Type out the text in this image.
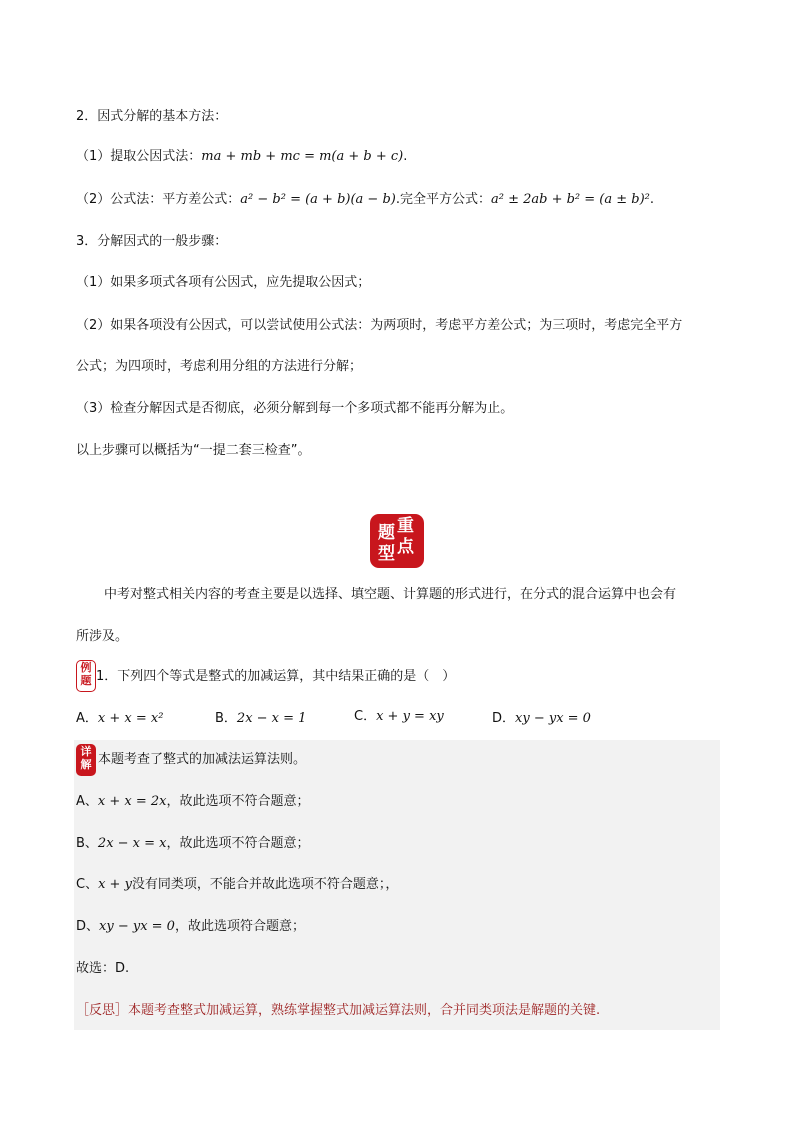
2．因式分解的基本方法：
（1）提取公因式法：ma + mb + mc = m(a + b + c).
（2）公式法：平方差公式：a² − b² = (a + b)(a − b).完全平方公式：a² ± 2ab + b² = (a ± b)².
3．分解因式的一般步骤：
（1）如果多项式各项有公因式，应先提取公因式；
（2）如果各项没有公因式，可以尝试使用公式法：为两项时，考虑平方差公式；为三项时，考虑完全平方
公式；为四项时，考虑利用分组的方法进行分解；
（3）检查分解因式是否彻底，必须分解到每一个多项式都不能再分解为止。
以上步骤可以概括为“一提二套三检查”。
重
点
题
型
中考对整式相关内容的考查主要是以选择、填空题、计算题的形式进行，在分式的混合运算中也会有
所涉及。
例
题 1．下列四个等式是整式的加减运算，其中结果正确的是（　）
A．x + x = x²	B．2x − x = 1	C．x + y = xy	D．xy − yx = 0
详
解 本题考查了整式的加减法运算法则。
A、x + x = 2x，故此选项不符合题意；
B、2x − x = x，故此选项不符合题意；
C、x + y没有同类项，不能合并故此选项不符合题意；，
D、xy − yx = 0，故此选项符合题意；
故选：D.
［反思］本题考查整式加减运算，熟练掌握整式加减运算法则，合并同类项法是解题的关键.
